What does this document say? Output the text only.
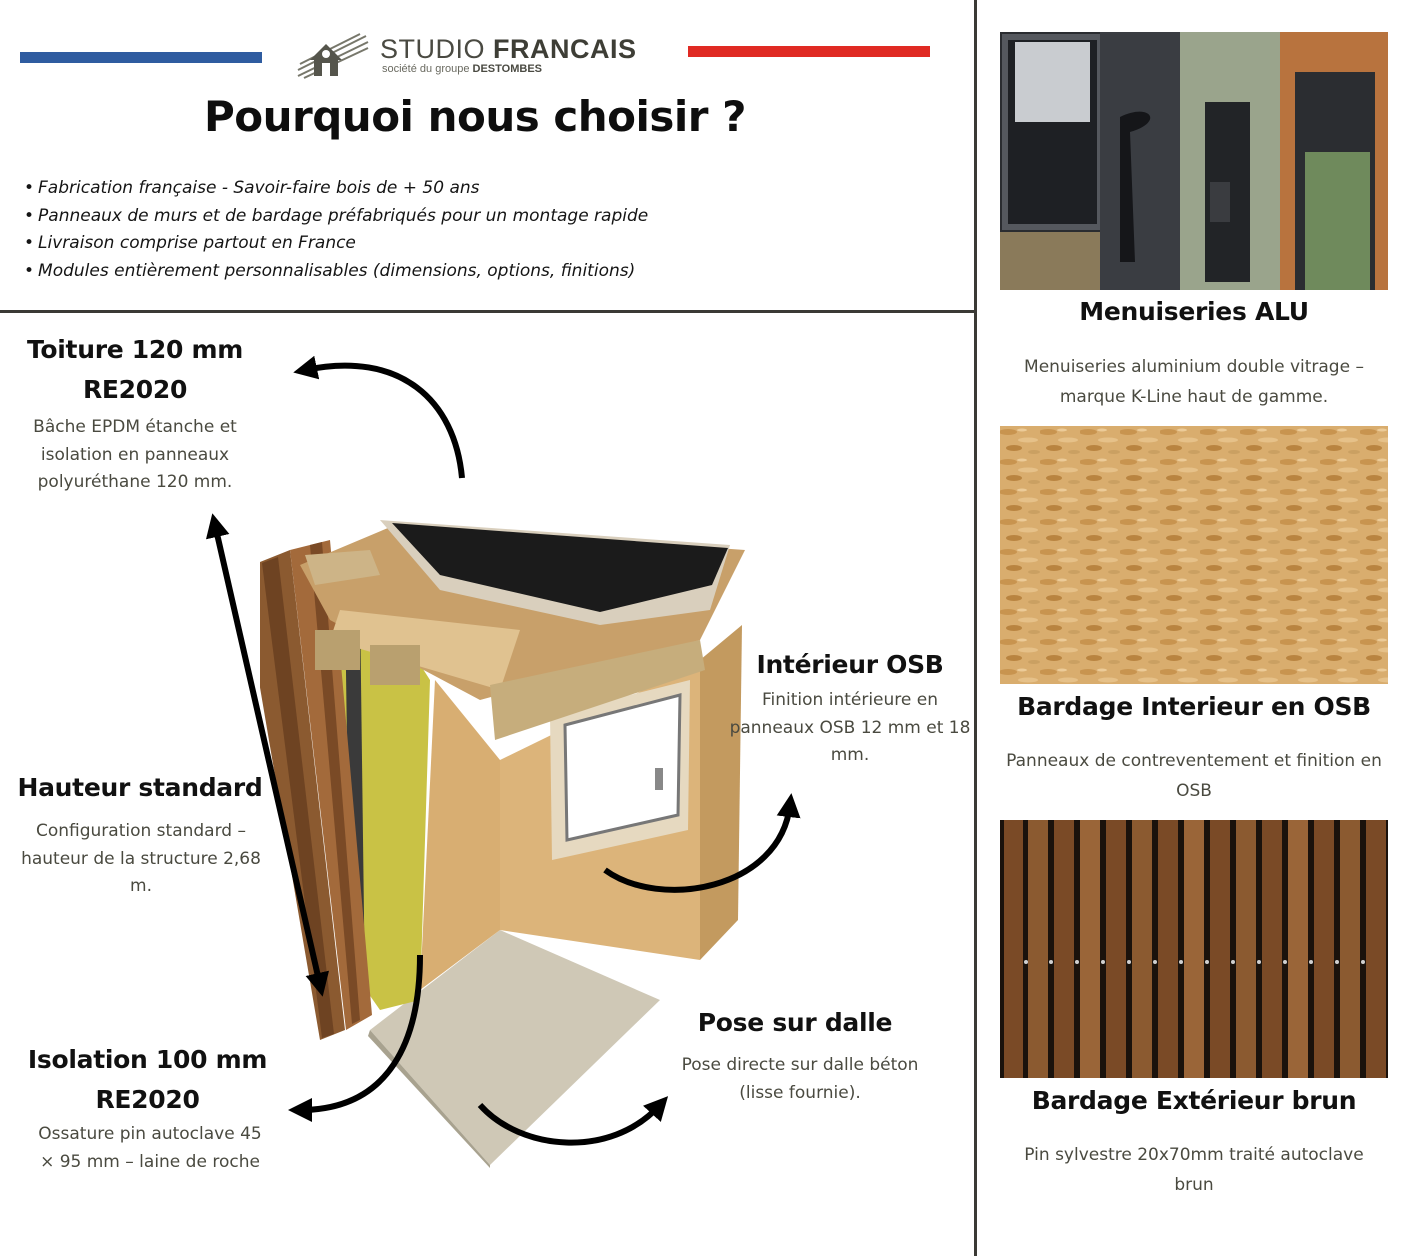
STUDIO FRANCAIS
société du groupe DESTOMBES
Pourquoi nous choisir ?
• Fabrication française - Savoir-faire bois de + 50 ans
• Panneaux de murs et de bardage préfabriqués pour un montage rapide
• Livraison comprise partout en France
• Modules entièrement personnalisables (dimensions, options, finitions)
Toiture 120 mm
RE2020
Bâche EPDM étanche et
isolation en panneaux
polyuréthane 120 mm.
Hauteur standard
Configuration standard –
hauteur de la structure 2,68
m.
Isolation 100 mm
RE2020
Ossature pin autoclave 45
× 95 mm – laine de roche
Intérieur OSB
Finition intérieure en
panneaux OSB 12 mm et 18
mm.
Pose sur dalle
Pose directe sur dalle béton
(lisse fournie).
Menuiseries ALU
Menuiseries aluminium double vitrage –
marque K-Line haut de gamme.
Bardage Interieur en OSB
Panneaux de contreventement et finition en
OSB
Bardage Extérieur brun
Pin sylvestre 20x70mm traité autoclave
brun
